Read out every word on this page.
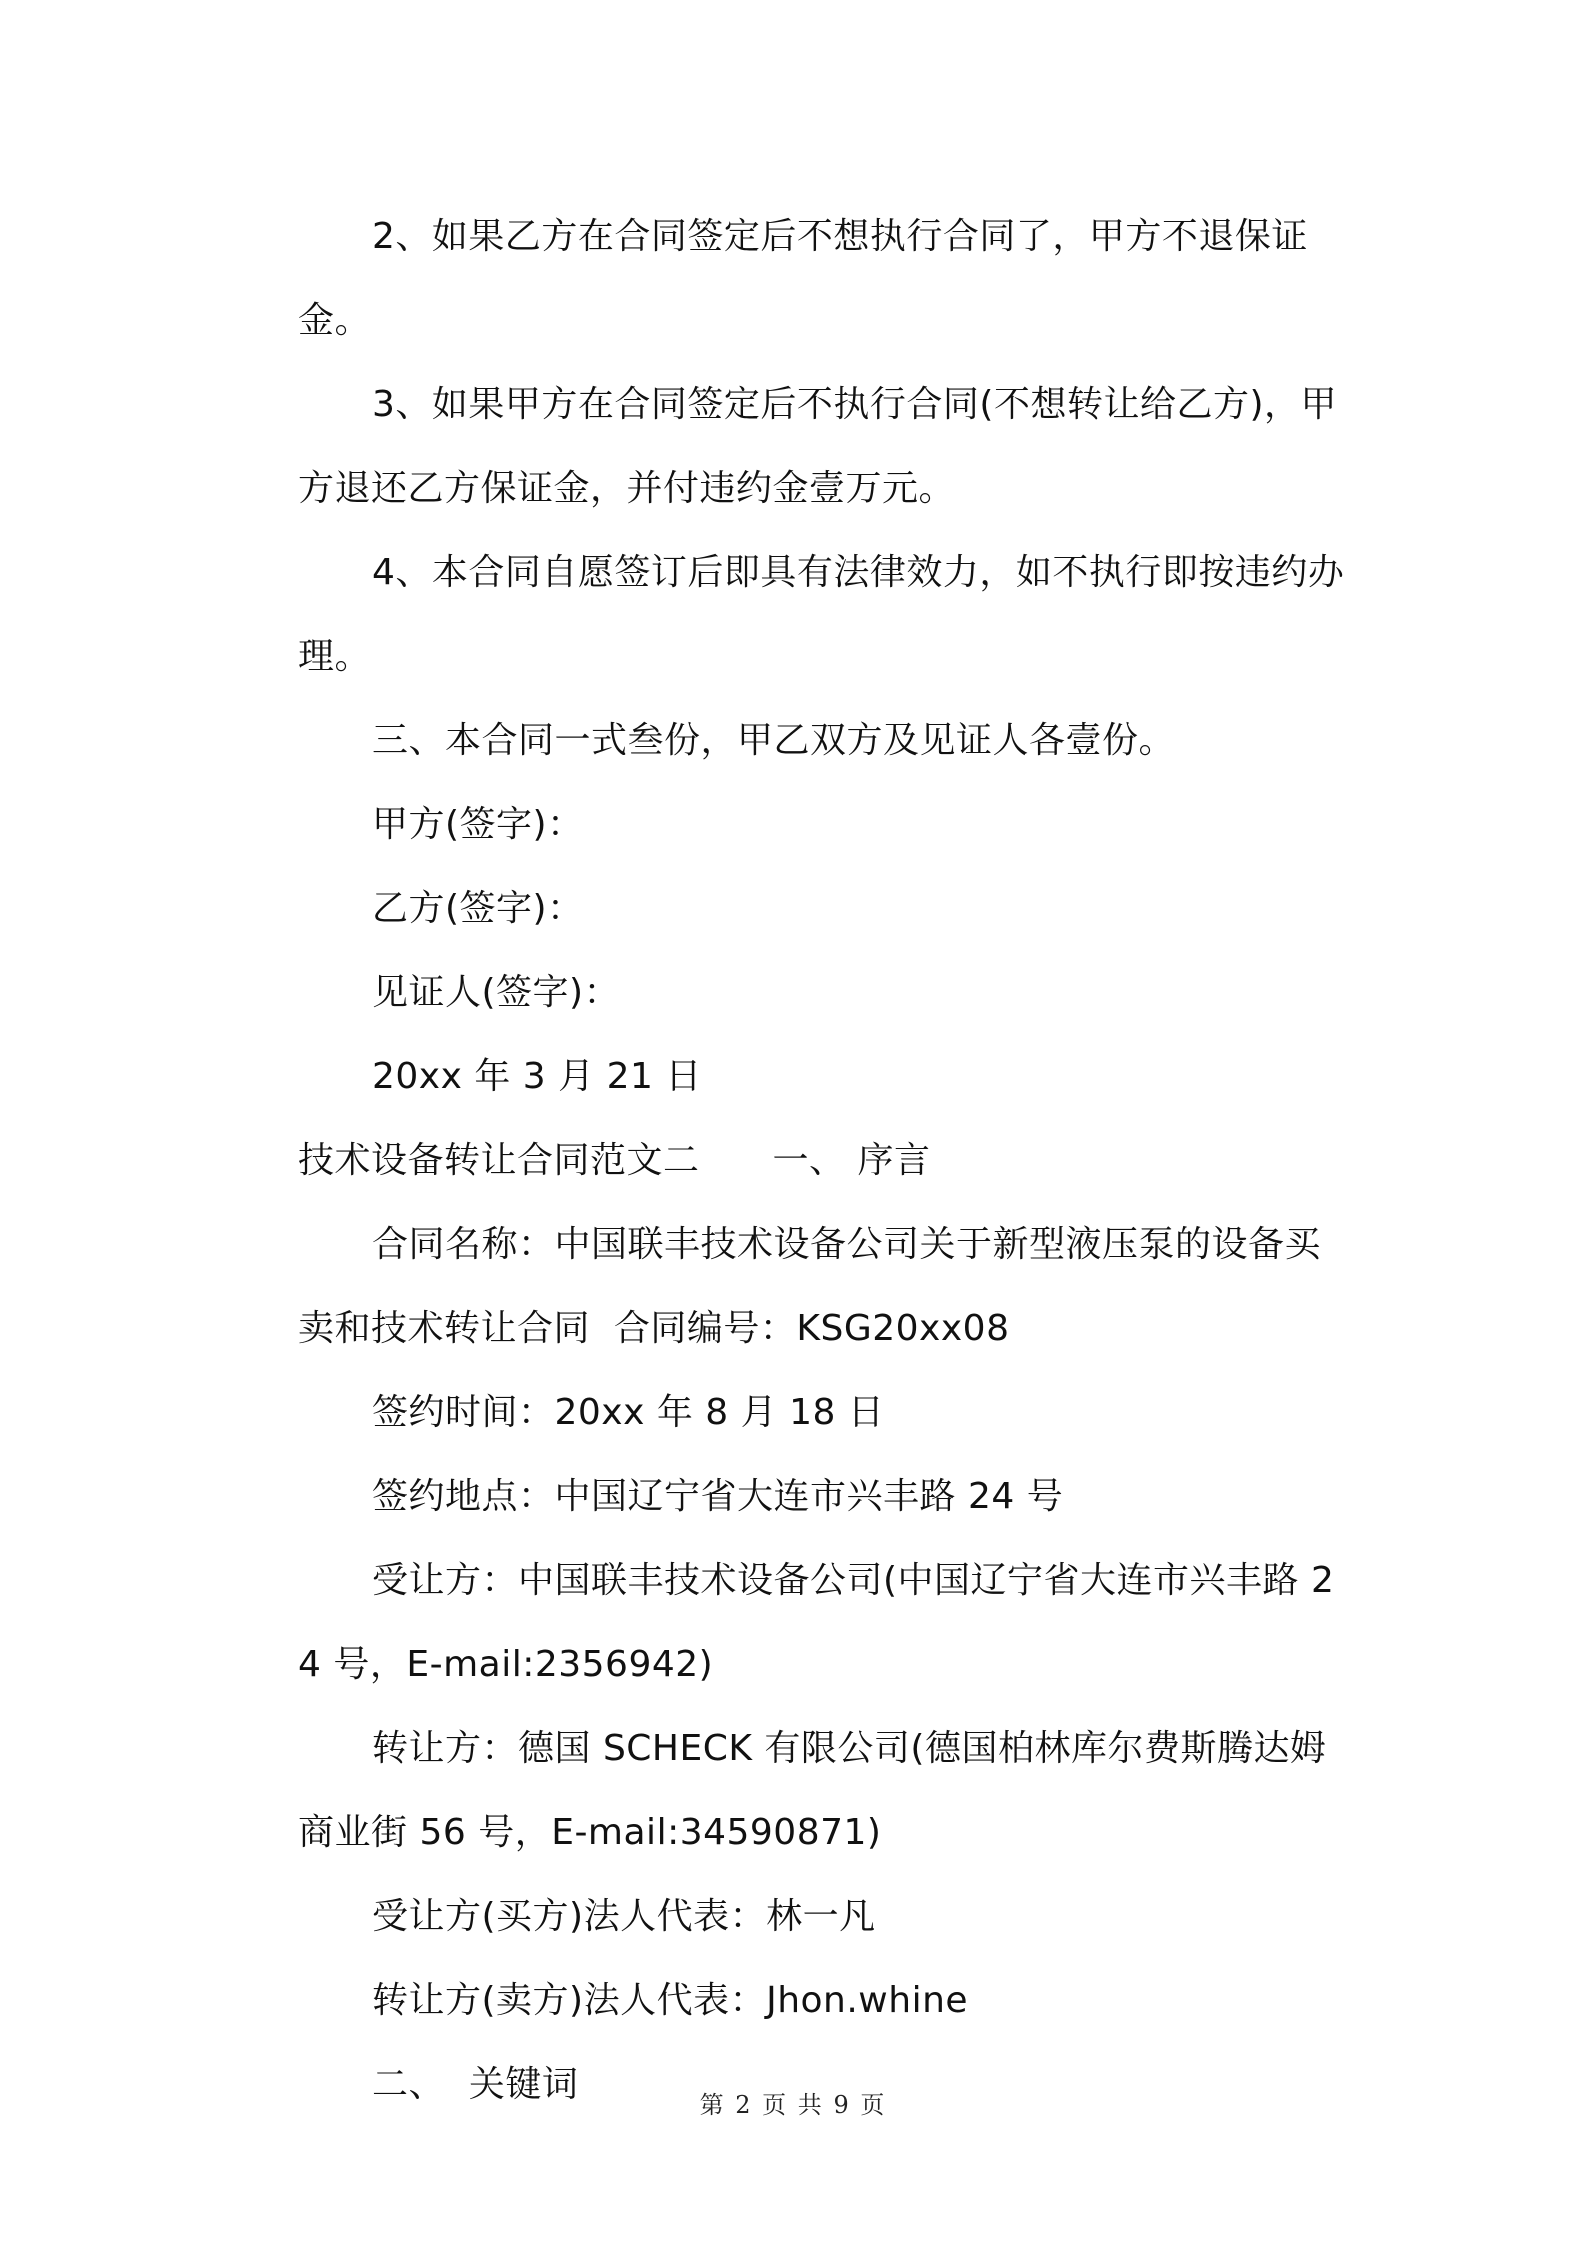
2、如果乙方在合同签定后不想执行合同了，甲方不退保证金。

3、如果甲方在合同签定后不执行合同(不想转让给乙方)，甲方退还乙方保证金，并付违约金壹万元。

4、本合同自愿签订后即具有法律效力，如不执行即按违约办理。

三、本合同一式叁份，甲乙双方及见证人各壹份。

甲方(签字)：

乙方(签字)：

见证人(签字)：

20xx 年 3 月 21 日

技术设备转让合同范文二　　一、 序言

合同名称：中国联丰技术设备公司关于新型液压泵的设备买卖和技术转让合同  合同编号：KSG20xx08

签约时间：20xx 年 8 月 18 日

签约地点：中国辽宁省大连市兴丰路 24 号

受让方：中国联丰技术设备公司(中国辽宁省大连市兴丰路 24 号，E-mail:2356942)

转让方：德国 SCHECK 有限公司(德国柏林库尔费斯腾达姆商业街 56 号，E-mail:34590871)

受让方(买方)法人代表：林一凡

转让方(卖方)法人代表：Jhon.whine

二、  关键词	第 2 页 共 9 页
